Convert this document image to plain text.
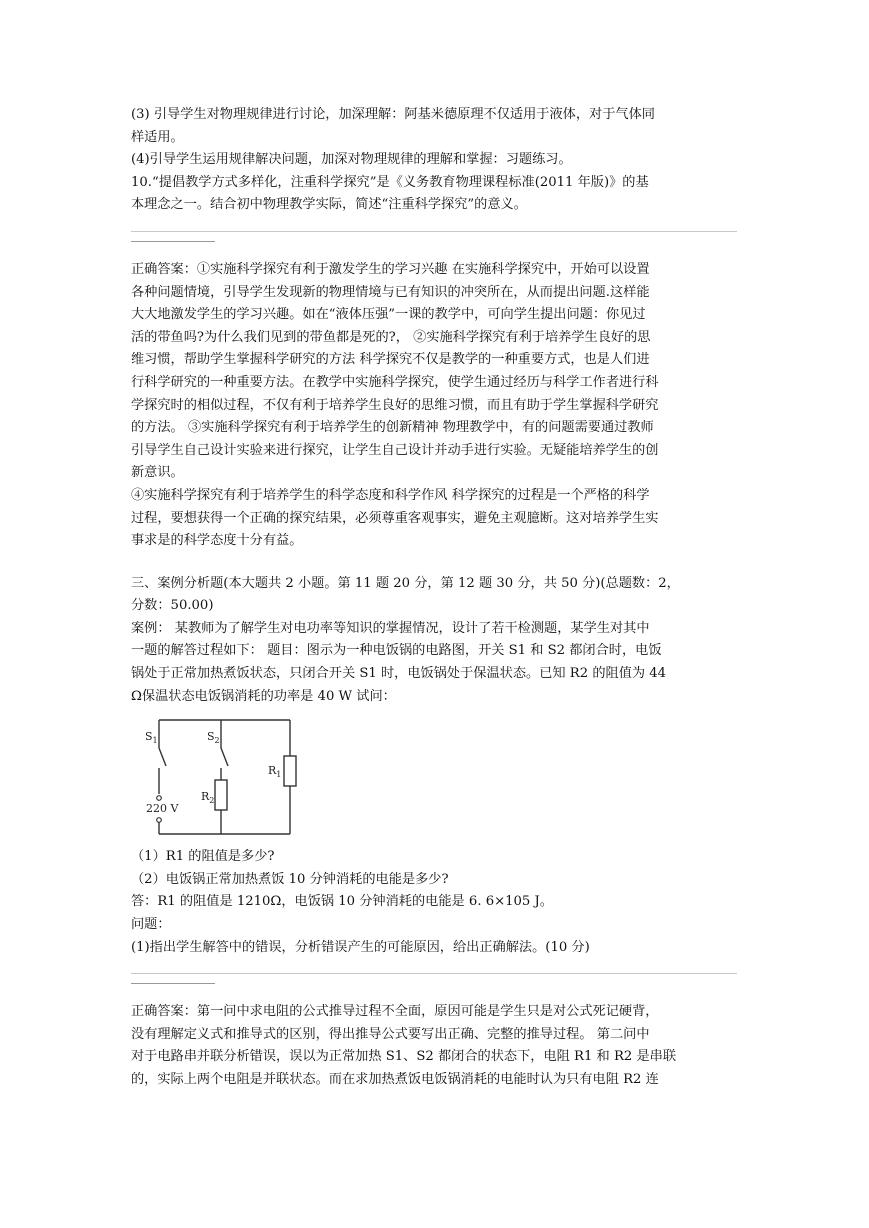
(3) 引导学生对物理规律进行讨论，加深理解：阿基米德原理不仅适用于液体，对于气体同
样适用。
(4)引导学生运用规律解决问题，加深对物理规律的理解和掌握：习题练习。
10.“提倡教学方式多样化，注重科学探究”是《义务教育物理课程标准(2011 年版)》的基
本理念之一。结合初中物理教学实际，简述“注重科学探究”的意义。
正确答案：①实施科学探究有利于激发学生的学习兴趣 在实施科学探究中，开始可以设置
各种问题情境，引导学生发现新的物理情境与已有知识的冲突所在，从而提出问题.这样能
大大地激发学生的学习兴趣。如在“液体压强”一课的教学中，可向学生提出问题：你见过
活的带鱼吗?为什么我们见到的带鱼都是死的?， ②实施科学探究有利于培养学生良好的思
维习惯，帮助学生掌握科学研究的方法 科学探究不仅是教学的一种重要方式，也是人们进
行科学研究的一种重要方法。在教学中实施科学探究，使学生通过经历与科学工作者进行科
学探究时的相似过程，不仅有利于培养学生良好的思维习惯，而且有助于学生掌握科学研究
的方法。 ③实施科学探究有利于培养学生的创新精神 物理教学中，有的问题需要通过教师
引导学生自己设计实验来进行探究，让学生自己设计并动手进行实验。无疑能培养学生的创
新意识。
④实施科学探究有利于培养学生的科学态度和科学作风 科学探究的过程是一个严格的科学
过程，要想获得一个正确的探究结果，必须尊重客观事实，避免主观臆断。这对培养学生实
事求是的科学态度十分有益。
三、案例分析题(本大题共 2 小题。第 11 题 20 分，第 12 题 30 分，共 50 分)(总题数：2，
分数：50.00)
案例： 某教师为了解学生对电功率等知识的掌握情况，设计了若干检测题，某学生对其中
一题的解答过程如下： 题目：图示为一种电饭锅的电路图，开关 S1 和 S2 都闭合时，电饭
锅处于正常加热煮饭状态，只闭合开关 S1 时，电饭锅处于保温状态。已知 R2 的阻值为 44
Ω保温状态电饭锅消耗的功率是 40 W 试问：
$S_1$	$S_2$
$R_2$
$R_1$
220 V
（1）R1 的阻值是多少?
（2）电饭锅正常加热煮饭 10 分钟消耗的电能是多少?
答：R1 的阻值是 1210Ω，电饭锅 10 分钟消耗的电能是 6. 6×105 J。
问题：
(1)指出学生解答中的错误，分析错误产生的可能原因，给出正确解法。(10 分)
正确答案：第一问中求电阻的公式推导过程不全面，原因可能是学生只是对公式死记硬背，
没有理解定义式和推导式的区别，得出推导公式要写出正确、完整的推导过程。 第二问中
对于电路串并联分析错误，误以为正常加热 S1、S2 都闭合的状态下，电阻 R1 和 R2 是串联
的，实际上两个电阻是并联状态。而在求加热煮饭电饭锅消耗的电能时认为只有电阻 R2 连
